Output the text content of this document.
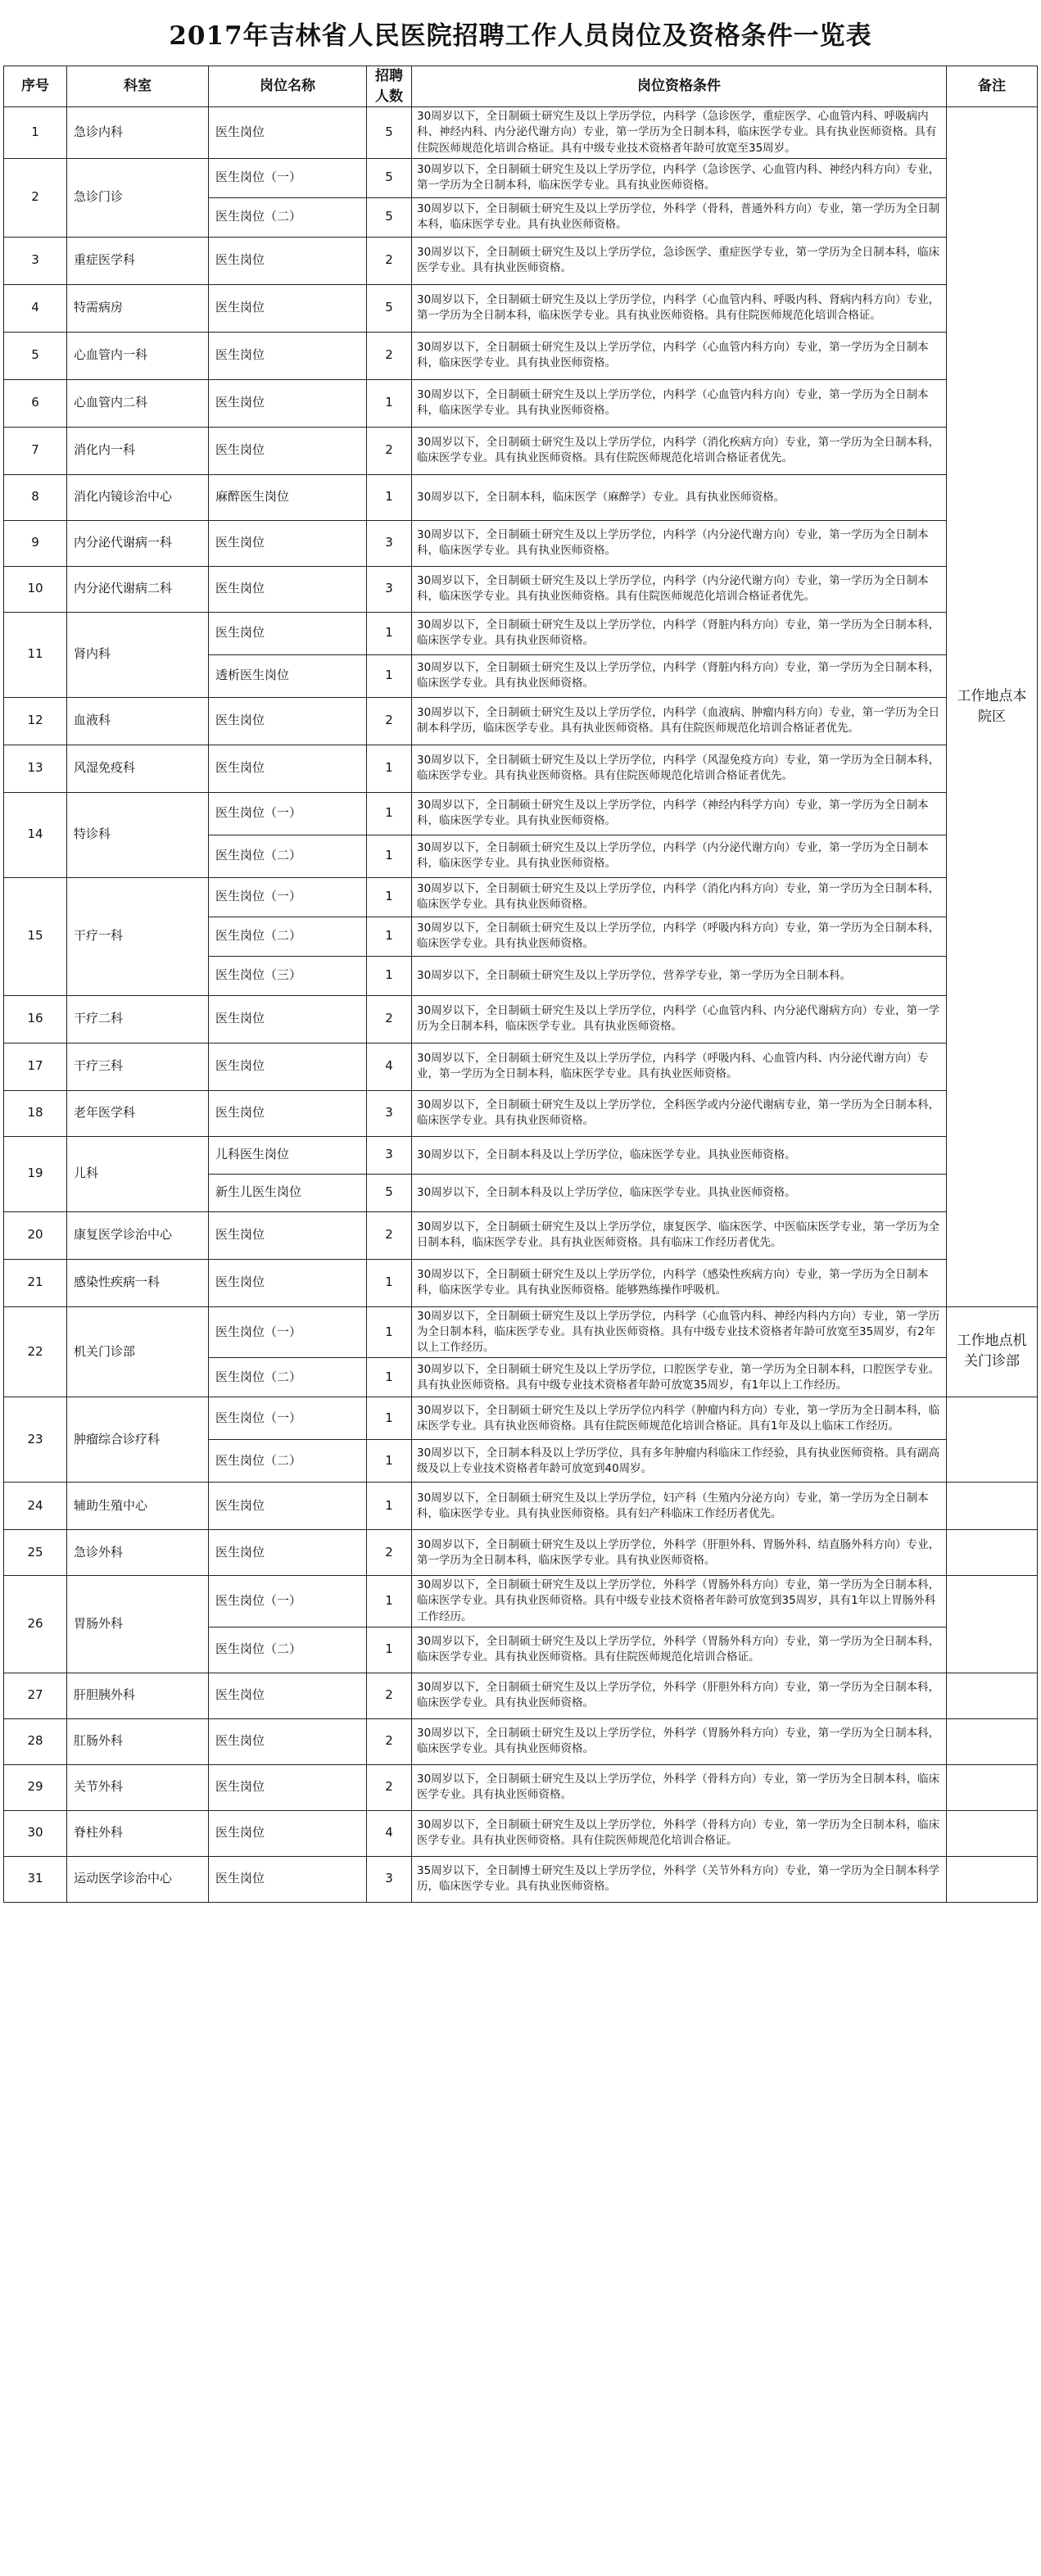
2017年吉林省人民医院招聘工作人员岗位及资格条件一览表
序号	科室	岗位名称	招聘人数	岗位资格条件	备注
1	急诊内科	医生岗位	5	30周岁以下，全日制硕士研究生及以上学历学位，内科学（急诊医学，重症医学、心血管内科、呼吸病内科、神经内科、内分泌代谢方向）专业，第一学历为全日制本科，临床医学专业。具有执业医师资格。具有住院医师规范化培训合格证。具有中级专业技术资格者年龄可放宽至35周岁。	工作地点本院区
2	急诊门诊	医生岗位（一）	5	30周岁以下，全日制硕士研究生及以上学历学位，内科学（急诊医学、心血管内科、神经内科方向）专业，第一学历为全日制本科，临床医学专业。具有执业医师资格。	
		医生岗位（二）	5	30周岁以下，全日制硕士研究生及以上学历学位，外科学（骨科，普通外科方向）专业，第一学历为全日制本科，临床医学专业。具有执业医师资格。	
3	重症医学科	医生岗位	2	30周岁以下，全日制硕士研究生及以上学历学位，急诊医学、重症医学专业，第一学历为全日制本科，临床医学专业。具有执业医师资格。	
4	特需病房	医生岗位	5	30周岁以下，全日制硕士研究生及以上学历学位，内科学（心血管内科、呼吸内科、肾病内科方向）专业，第一学历为全日制本科，临床医学专业。具有执业医师资格。具有住院医师规范化培训合格证。	
5	心血管内一科	医生岗位	2	30周岁以下，全日制硕士研究生及以上学历学位，内科学（心血管内科方向）专业，第一学历为全日制本科，临床医学专业。具有执业医师资格。	
6	心血管内二科	医生岗位	1	30周岁以下，全日制硕士研究生及以上学历学位，内科学（心血管内科方向）专业，第一学历为全日制本科，临床医学专业。具有执业医师资格。	
7	消化内一科	医生岗位	2	30周岁以下，全日制硕士研究生及以上学历学位，内科学（消化疾病方向）专业，第一学历为全日制本科，临床医学专业。具有执业医师资格。具有住院医师规范化培训合格证者优先。	
8	消化内镜诊治中心	麻醉医生岗位	1	30周岁以下，全日制本科，临床医学（麻醉学）专业。具有执业医师资格。	
9	内分泌代谢病一科	医生岗位	3	30周岁以下，全日制硕士研究生及以上学历学位，内科学（内分泌代谢方向）专业，第一学历为全日制本科，临床医学专业。具有执业医师资格。	
10	内分泌代谢病二科	医生岗位	3	30周岁以下，全日制硕士研究生及以上学历学位，内科学（内分泌代谢方向）专业，第一学历为全日制本科，临床医学专业。具有执业医师资格。具有住院医师规范化培训合格证者优先。	
11	肾内科	医生岗位	1	30周岁以下，全日制硕士研究生及以上学历学位，内科学（肾脏内科方向）专业，第一学历为全日制本科，临床医学专业。具有执业医师资格。	
		透析医生岗位	1	30周岁以下，全日制硕士研究生及以上学历学位，内科学（肾脏内科方向）专业，第一学历为全日制本科，临床医学专业。具有执业医师资格。	
12	血液科	医生岗位	2	30周岁以下，全日制硕士研究生及以上学历学位，内科学（血液病、肿瘤内科方向）专业，第一学历为全日制本科学历，临床医学专业。具有执业医师资格。具有住院医师规范化培训合格证者优先。	
13	风湿免疫科	医生岗位	1	30周岁以下，全日制硕士研究生及以上学历学位，内科学（风湿免疫方向）专业，第一学历为全日制本科，临床医学专业。具有执业医师资格。具有住院医师规范化培训合格证者优先。	
14	特诊科	医生岗位（一）	1	30周岁以下，全日制硕士研究生及以上学历学位，内科学（神经内科学方向）专业，第一学历为全日制本科，临床医学专业。具有执业医师资格。	
		医生岗位（二）	1	30周岁以下，全日制硕士研究生及以上学历学位，内科学（内分泌代谢方向）专业，第一学历为全日制本科，临床医学专业。具有执业医师资格。	
15	干疗一科	医生岗位（一）	1	30周岁以下，全日制硕士研究生及以上学历学位，内科学（消化内科方向）专业，第一学历为全日制本科，临床医学专业。具有执业医师资格。	
		医生岗位（二）	1	30周岁以下，全日制硕士研究生及以上学历学位，内科学（呼吸内科方向）专业，第一学历为全日制本科，临床医学专业。具有执业医师资格。	
		医生岗位（三）	1	30周岁以下，全日制硕士研究生及以上学历学位，营养学专业，第一学历为全日制本科。	
16	干疗二科	医生岗位	2	30周岁以下，全日制硕士研究生及以上学历学位，内科学（心血管内科、内分泌代谢病方向）专业，第一学历为全日制本科，临床医学专业。具有执业医师资格。	
17	干疗三科	医生岗位	4	30周岁以下，全日制硕士研究生及以上学历学位，内科学（呼吸内科、心血管内科、内分泌代谢方向）专业，第一学历为全日制本科，临床医学专业。具有执业医师资格。	
18	老年医学科	医生岗位	3	30周岁以下，全日制硕士研究生及以上学历学位，全科医学或内分泌代谢病专业，第一学历为全日制本科，临床医学专业。具有执业医师资格。	
19	儿科	儿科医生岗位	3	30周岁以下，全日制本科及以上学历学位，临床医学专业。具执业医师资格。	
		新生儿医生岗位	5	30周岁以下，全日制本科及以上学历学位，临床医学专业。具执业医师资格。	
20	康复医学诊治中心	医生岗位	2	30周岁以下，全日制硕士研究生及以上学历学位，康复医学、临床医学、中医临床医学专业，第一学历为全日制本科，临床医学专业。具有执业医师资格。具有临床工作经历者优先。	
21	感染性疾病一科	医生岗位	1	30周岁以下，全日制硕士研究生及以上学历学位，内科学（感染性疾病方向）专业，第一学历为全日制本科，临床医学专业。具有执业医师资格。能够熟练操作呼吸机。	
22	机关门诊部	医生岗位（一）	1	30周岁以下，全日制硕士研究生及以上学历学位，内科学（心血管内科、神经内科内方向）专业，第一学历为全日制本科，临床医学专业。具有执业医师资格。具有中级专业技术资格者年龄可放宽至35周岁，有2年以上工作经历。	工作地点机关门诊部
		医生岗位（二）	1	30周岁以下，全日制硕士研究生及以上学历学位，口腔医学专业，第一学历为全日制本科，口腔医学专业。具有执业医师资格。具有中级专业技术资格者年龄可放宽35周岁，有1年以上工作经历。	
23	肿瘤综合诊疗科	医生岗位（一）	1	30周岁以下，全日制硕士研究生及以上学历学位内科学（肿瘤内科方向）专业，第一学历为全日制本科，临床医学专业。具有执业医师资格。具有住院医师规范化培训合格证。具有1年及以上临床工作经历。	
		医生岗位（二）	1	30周岁以下，全日制本科及以上学历学位，具有多年肿瘤内科临床工作经验，具有执业医师资格。具有副高级及以上专业技术资格者年龄可放宽到40周岁。	
24	辅助生殖中心	医生岗位	1	30周岁以下，全日制硕士研究生及以上学历学位，妇产科（生殖内分泌方向）专业，第一学历为全日制本科，临床医学专业。具有执业医师资格。具有妇产科临床工作经历者优先。	
25	急诊外科	医生岗位	2	30周岁以下，全日制硕士研究生及以上学历学位，外科学（肝胆外科、胃肠外科、结直肠外科方向）专业，第一学历为全日制本科，临床医学专业。具有执业医师资格。	
26	胃肠外科	医生岗位（一）	1	30周岁以下，全日制硕士研究生及以上学历学位，外科学（胃肠外科方向）专业，第一学历为全日制本科，临床医学专业。具有执业医师资格。具有中级专业技术资格者年龄可放宽到35周岁，具有1年以上胃肠外科工作经历。	
		医生岗位（二）	1	30周岁以下，全日制硕士研究生及以上学历学位，外科学（胃肠外科方向）专业，第一学历为全日制本科，临床医学专业。具有执业医师资格。具有住院医师规范化培训合格证。	
27	肝胆胰外科	医生岗位	2	30周岁以下，全日制硕士研究生及以上学历学位，外科学（肝胆外科方向）专业，第一学历为全日制本科，临床医学专业。具有执业医师资格。	
28	肛肠外科	医生岗位	2	30周岁以下，全日制硕士研究生及以上学历学位，外科学（胃肠外科方向）专业，第一学历为全日制本科，临床医学专业。具有执业医师资格。	
29	关节外科	医生岗位	2	30周岁以下，全日制硕士研究生及以上学历学位，外科学（骨科方向）专业，第一学历为全日制本科，临床医学专业。具有执业医师资格。	
30	脊柱外科	医生岗位	4	30周岁以下，全日制硕士研究生及以上学历学位，外科学（骨科方向）专业，第一学历为全日制本科，临床医学专业。具有执业医师资格。具有住院医师规范化培训合格证。	
31	运动医学诊治中心	医生岗位	3	35周岁以下，全日制博士研究生及以上学历学位，外科学（关节外科方向）专业，第一学历为全日制本科学历，临床医学专业。具有执业医师资格。	
